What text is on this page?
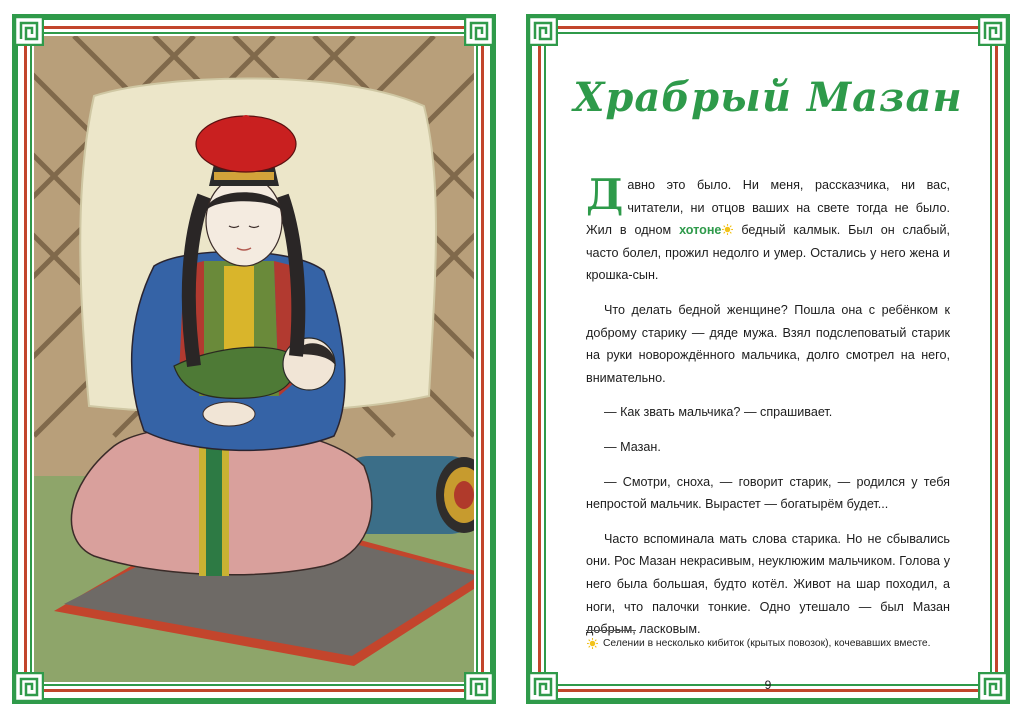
Храбрый Мазан

Давно это было. Ни меня, рассказчика, ни вас, читатели, ни отцов ваших на свете тогда не было. Жил в одном хотоне
бедный калмык. Был он слабый, часто болел, прожил недолго и умер. Остались у него жена и крошка-сын.

Что делать бедной женщине? Пошла она с ребёнком к доброму старику — дяде мужа. Взял подслеповатый старик на руки новорождённого мальчика, долго смотрел на него, внимательно.

— Как звать мальчика? — спрашивает.

— Мазан.

— Смотри, сноха, — говорит старик, — родился у тебя непростой мальчик. Вырастет — богатырём будет...

Часто вспоминала мать слова старика. Но не сбывались они. Рос Мазан некрасивым, неуклюжим мальчиком. Голова у него была большая, будто котёл. Живот на шар походил, а ноги, что палочки тонкие. Одно утешало — был Мазан добрым, ласковым.

Селении в несколько кибиток (крытых повозок), кочевавших вместе.
9
